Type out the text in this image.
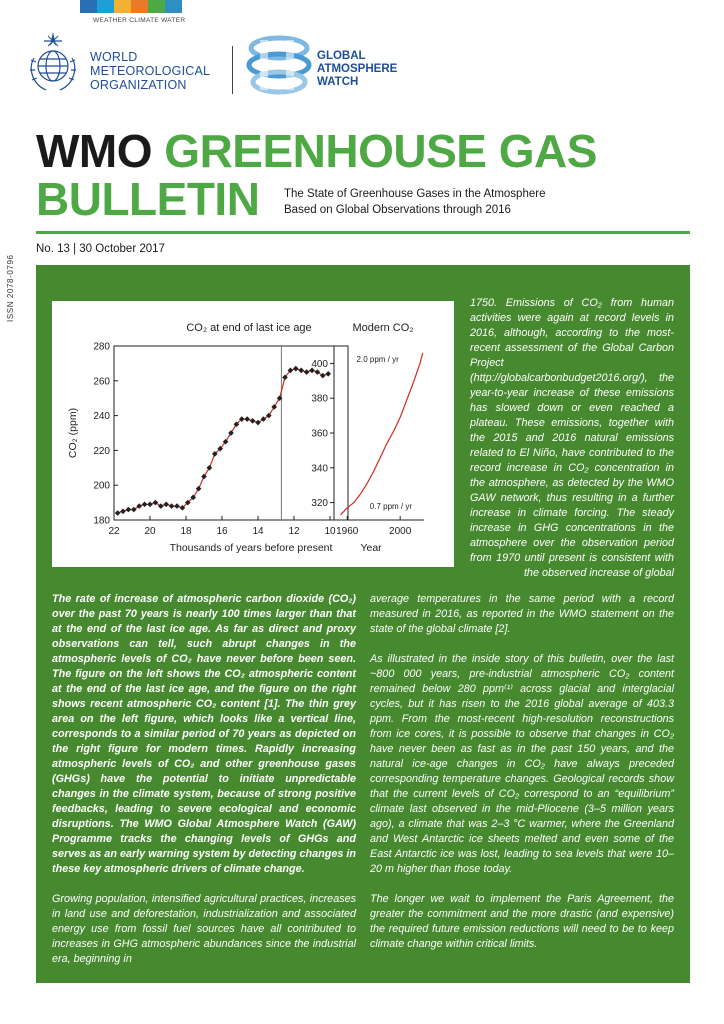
WEATHER CLIMATE WATER
WORLD
METEOROLOGICAL
ORGANIZATION
GLOBAL
ATMOSPHERE
WATCH
WMO GREENHOUSE GAS
BULLETIN The State of Greenhouse Gases in the Atmosphere
Based on Global Observations through 2016
No. 13 | 30 October 2017
ISSN 2078-0796
180
200
220
240
260
280
22 20 18 16 14 12 10
CO₂ at end of last ice age
Thousands of years before present
CO₂ (ppm)
320
340
360
380
400
1960	2000
Modern CO₂
Year
2.0 ppm / yr
0.7 ppm / yr

1750. Emissions of CO₂ from human activities were again at record levels in 2016, although, according to the most-recent assessment of the Global Carbon Project (http://globalcarbonbudget2016.org/), the year-to-year increase of these emissions has slowed down or even reached a plateau. These emissions, together with the 2015 and 2016 natural emissions related to El Niño, have contributed to the record increase in CO₂ concentration in the atmosphere, as detected by the WMO GAW network, thus resulting in a further increase in climate forcing. The steady increase in GHG concentrations in the atmosphere over the observation period from 1970 until present is consistent with the observed increase of global

The rate of increase of atmospheric carbon dioxide (CO₂) over the past 70 years is nearly 100 times larger than that at the end of the last ice age. As far as direct and proxy observations can tell, such abrupt changes in the atmospheric levels of CO₂ have never before been seen. The figure on the left shows the CO₂ atmospheric content at the end of the last ice age, and the figure on the right shows recent atmospheric CO₂ content [1]. The thin grey area on the left figure, which looks like a vertical line, corresponds to a similar period of 70 years as depicted on the right figure for modern times. Rapidly increasing atmospheric levels of CO₂ and other greenhouse gases (GHGs) have the potential to initiate unpredictable changes in the climate system, because of strong positive feedbacks, leading to severe ecological and economic disruptions. The WMO Global Atmosphere Watch (GAW) Programme tracks the changing levels of GHGs and serves as an early warning system by detecting changes in these key atmospheric drivers of climate change.

Growing population, intensified agricultural practices, increases in land use and deforestation, industrialization and associated energy use from fossil fuel sources have all contributed to increases in GHG atmospheric abundances since the industrial era, beginning in

average temperatures in the same period with a record measured in 2016, as reported in the WMO statement on the state of the global climate [2].

As illustrated in the inside story of this bulletin, over the last ~800 000 years, pre-industrial atmospheric CO₂ content remained below 280 ppm⁽¹⁾ across glacial and interglacial cycles, but it has risen to the 2016 global average of 403.3 ppm. From the most-recent high-resolution reconstructions from ice cores, it is possible to observe that changes in CO₂ have never been as fast as in the past 150 years, and the natural ice-age changes in CO₂ have always preceded corresponding temperature changes. Geological records show that the current levels of CO₂ correspond to an “equilibrium” climate last observed in the mid-Pliocene (3–5 million years ago), a climate that was 2–3 °C warmer, where the Greenland and West Antarctic ice sheets melted and even some of the East Antarctic ice was lost, leading to sea levels that were 10–20 m higher than those today.

The longer we wait to implement the Paris Agreement, the greater the commitment and the more drastic (and expensive) the required future emission reductions will need to be to keep climate change within critical limits.
